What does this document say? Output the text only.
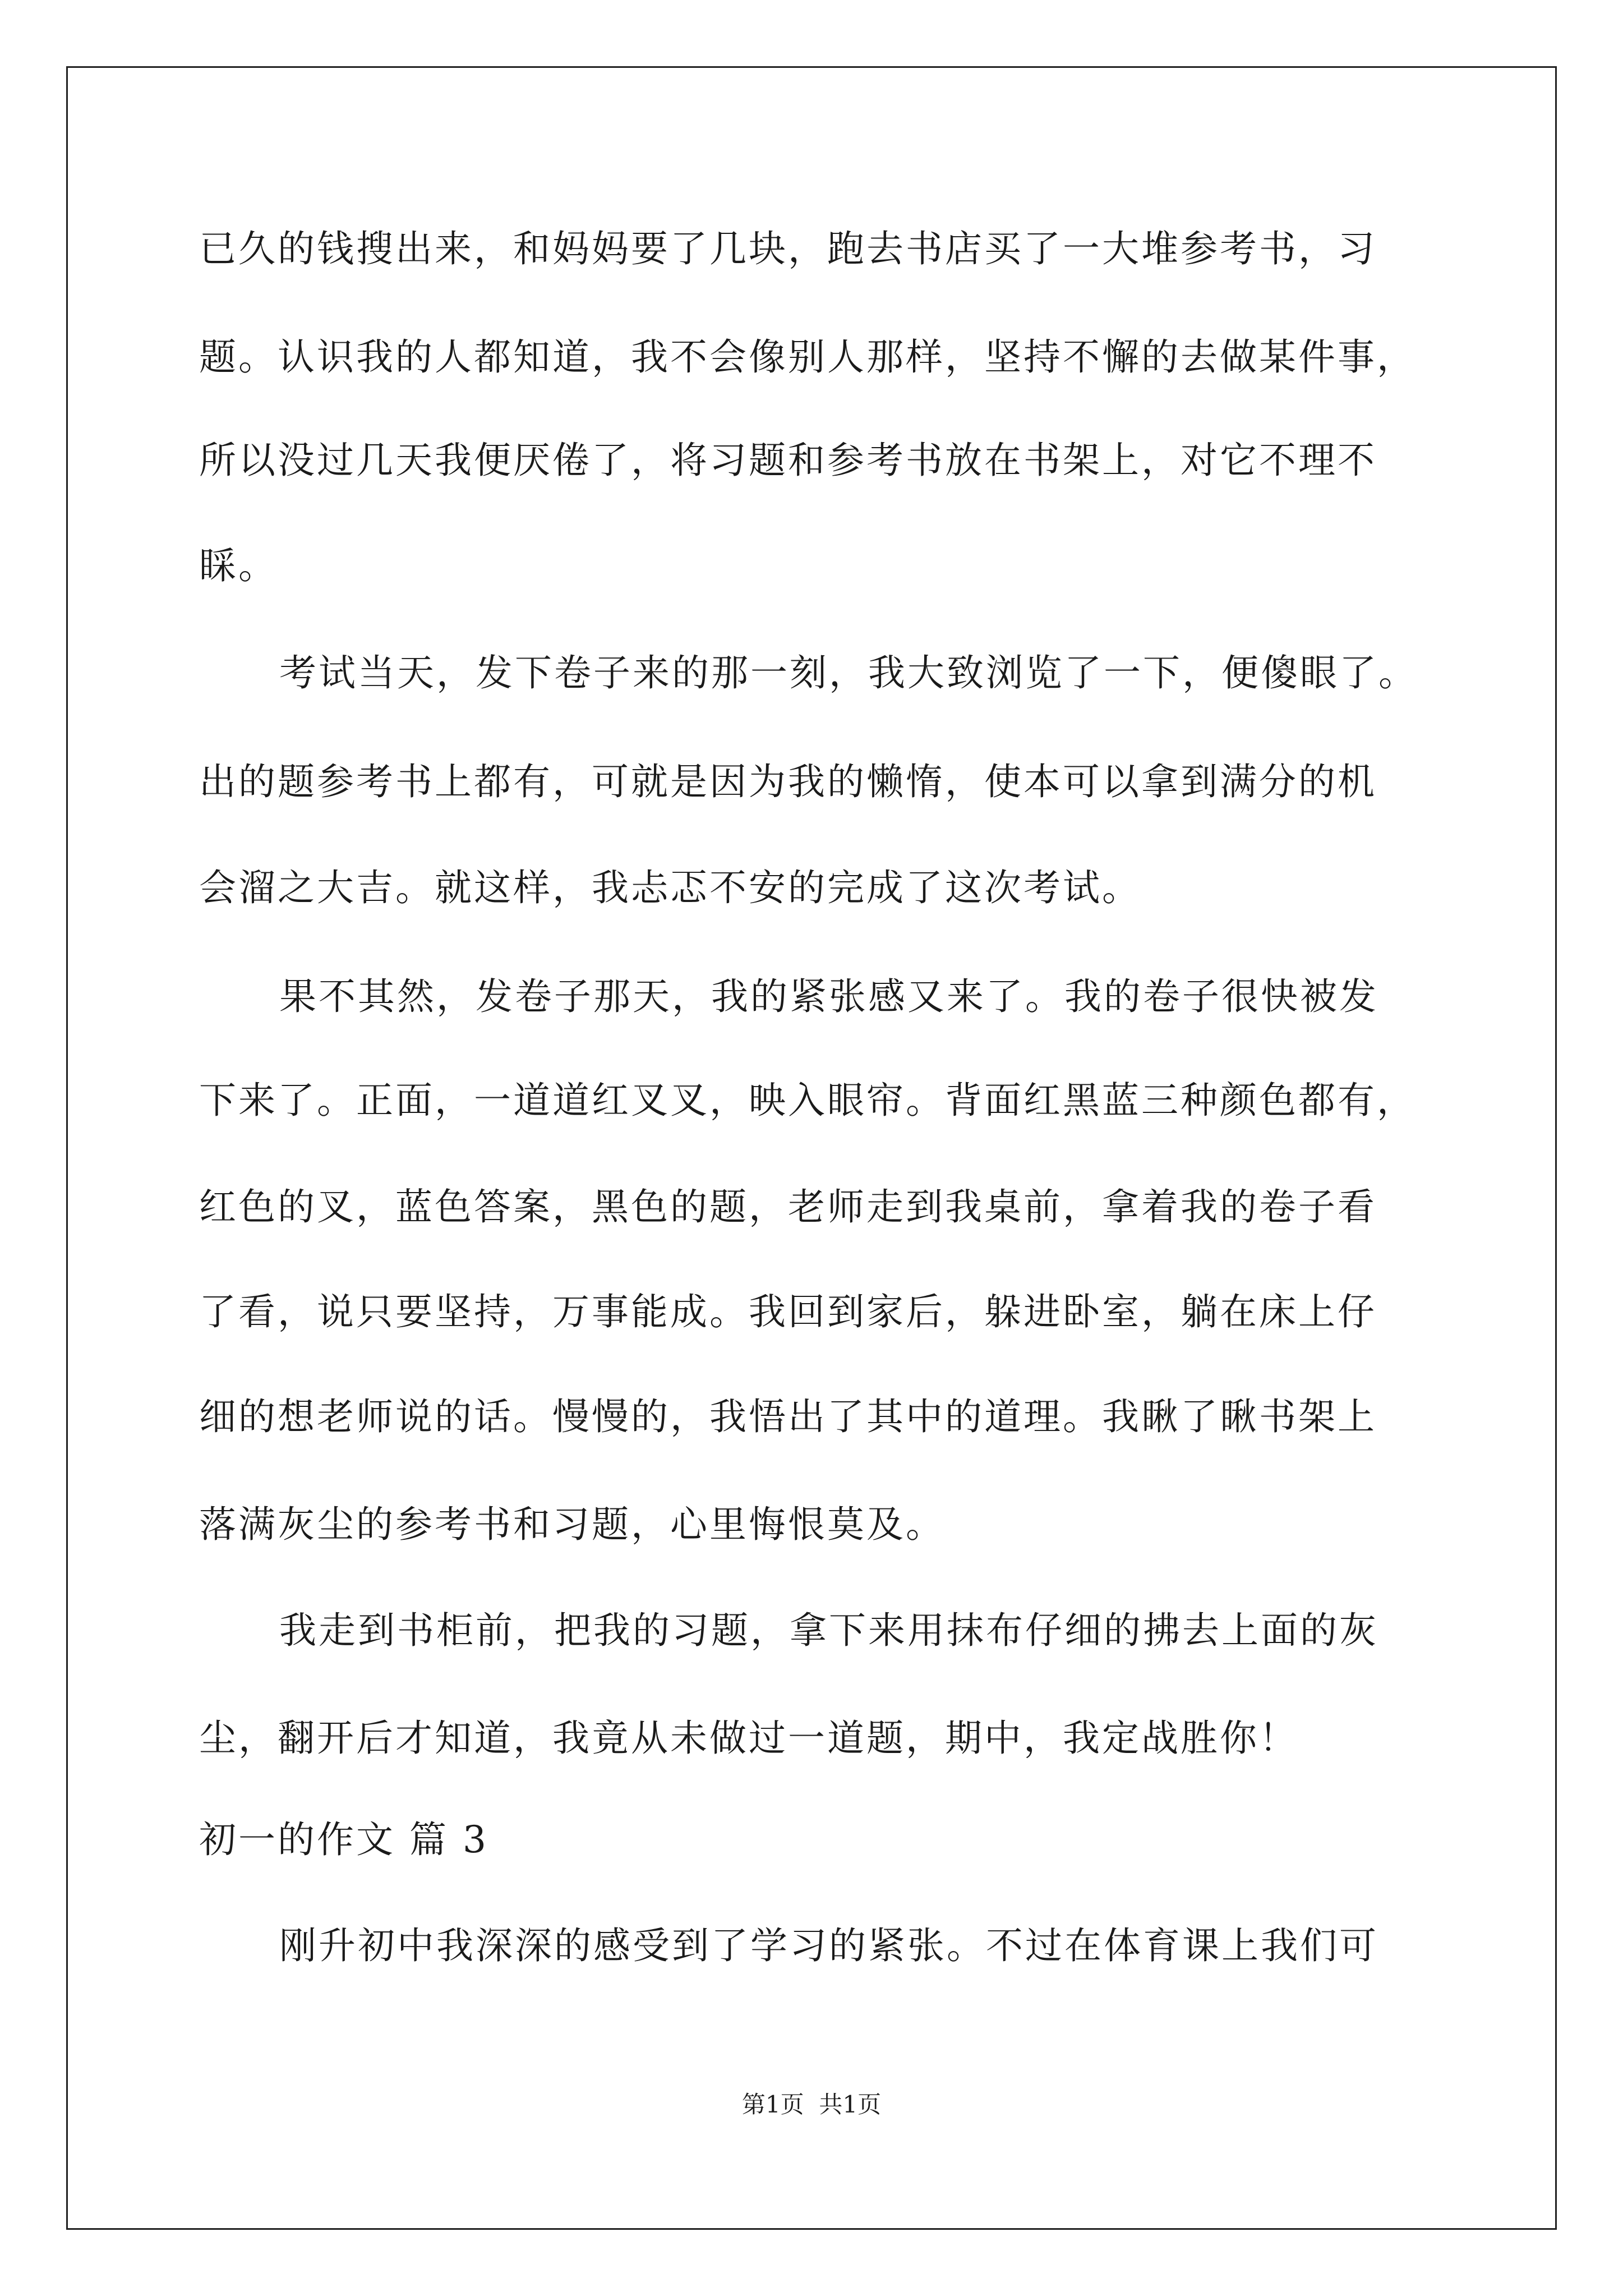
已久的钱搜出来，和妈妈要了几块，跑去书店买了一大堆参考书，习
题。认识我的人都知道，我不会像别人那样，坚持不懈的去做某件事，
所以没过几天我便厌倦了，将习题和参考书放在书架上，对它不理不
睬。
考试当天，发下卷子来的那一刻，我大致浏览了一下，便傻眼了。
出的题参考书上都有，可就是因为我的懒惰，使本可以拿到满分的机
会溜之大吉。就这样，我忐忑不安的完成了这次考试。
果不其然，发卷子那天，我的紧张感又来了。我的卷子很快被发
下来了。正面，一道道红叉叉，映入眼帘。背面红黑蓝三种颜色都有，
红色的叉，蓝色答案，黑色的题，老师走到我桌前，拿着我的卷子看
了看，说只要坚持，万事能成。我回到家后，躲进卧室，躺在床上仔
细的想老师说的话。慢慢的，我悟出了其中的道理。我瞅了瞅书架上
落满灰尘的参考书和习题，心里悔恨莫及。
我走到书柜前，把我的习题，拿下来用抹布仔细的拂去上面的灰
尘，翻开后才知道，我竟从未做过一道题，期中，我定战胜你！
初一的作文 篇 3
刚升初中我深深的感受到了学习的紧张。不过在体育课上我们可
第1页  共1页
